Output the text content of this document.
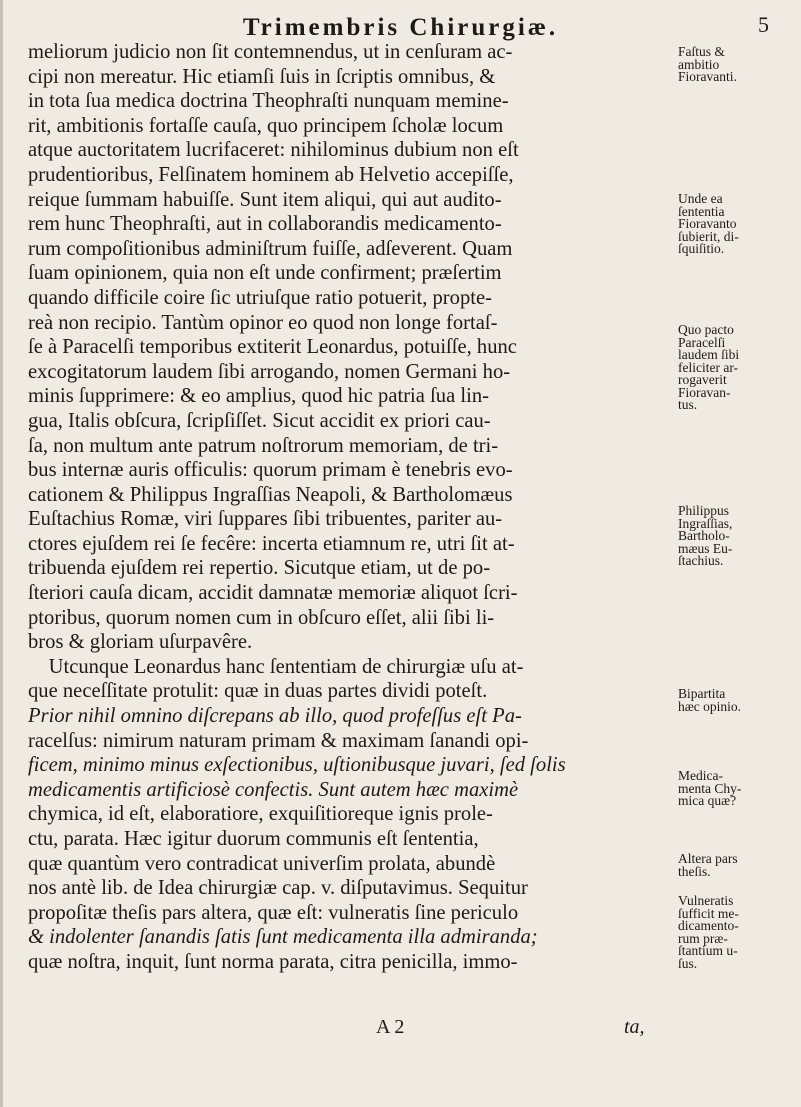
Trimembris Chirurgiæ.	5
meliorum judicio non ſit contemnendus, ut in cenſuram ac-
cipi non mereatur. Hic etiamſi ſuis in ſcriptis omnibus, &
in tota ſua medica doctrina Theophraſti nunquam memine-
rit, ambitionis fortaſſe cauſa, quo principem ſcholæ locum
atque auctoritatem lucrifaceret: nihilominus dubium non eſt
prudentioribus, Felſinatem hominem ab Helvetio accepiſſe,
reique ſummam habuiſſe. Sunt item aliqui, qui aut audito-
rem hunc Theophraſti, aut in collaborandis medicamento-
rum compoſitionibus adminiſtrum fuiſſe, adſeverent. Quam
ſuam opinionem, quia non eſt unde confirment; præſertim
quando difficile coire ſic utriuſque ratio potuerit, propte-
reà non recipio. Tantùm opinor eo quod non longe fortaſ-
ſe à Paracelſi temporibus extiterit Leonardus, potuiſſe, hunc
excogitatorum laudem ſibi arrogando, nomen Germani ho-
minis ſupprimere: & eo amplius, quod hic patria ſua lin-
gua, Italis obſcura, ſcripſiſſet. Sicut accidit ex priori cau-
ſa, non multum ante patrum noſtrorum memoriam, de tri-
bus internæ auris officulis: quorum primam è tenebris evo-
cationem & Philippus Ingraſſias Neapoli, & Bartholomæus
Euſtachius Romæ, viri ſuppares ſibi tribuentes, pariter au-
ctores ejuſdem rei ſe fecêre: incerta etiamnum re, utri ſit at-
tribuenda ejuſdem rei repertio. Sicutque etiam, ut de po-
ſteriori cauſa dicam, accidit damnatæ memoriæ aliquot ſcri-
ptoribus, quorum nomen cum in obſcuro eſſet, alii ſibi li-
bros & gloriam uſurpavêre.
Utcunque Leonardus hanc ſententiam de chirurgiæ uſu at-
que neceſſitate protulit: quæ in duas partes dividi poteſt.
Prior nihil omnino diſcrepans ab illo, quod profeſſus eſt Pa-
racelſus: nimirum naturam primam & maximam ſanandi opi-
ficem, minimo minus exſectionibus, uſtionibusque juvari, ſed ſolis
medicamentis artificiosè confectis. Sunt autem hæc maximè
chymica, id eſt, elaboratiore, exquiſitioreque ignis prole-
ctu, parata. Hæc igitur duorum communis eſt ſententia,
quæ quantùm vero contradicat univerſim prolata, abundè
nos antè lib. de Idea chirurgiæ cap. v. diſputavimus. Sequitur
propoſitæ theſis pars altera, quæ eſt: vulneratis ſine periculo
& indolenter ſanandis ſatis ſunt medicamenta illa admiranda;
quæ noſtra, inquit, ſunt norma parata, citra penicilla, immo-
Faſtus &
ambitio
Fioravanti.
Unde ea
ſententia
Fioravanto
ſubierit, di-
ſquiſitio.
Quo pacto
Paracelſi
laudem ſibi
feliciter ar-
rogaverit
Fioravan-
tus.
Philippus
Ingraſſias,
Bartholo-
mæus Eu-
ſtachius.
Bipartita
hæc opinio.
Medica-
menta Chy-
mica quæ?
Altera pars
theſis.
Vulneratis
ſufficit me-
dicamento-
rum præ-
ſtantium u-
ſus.
A 2	ta,
